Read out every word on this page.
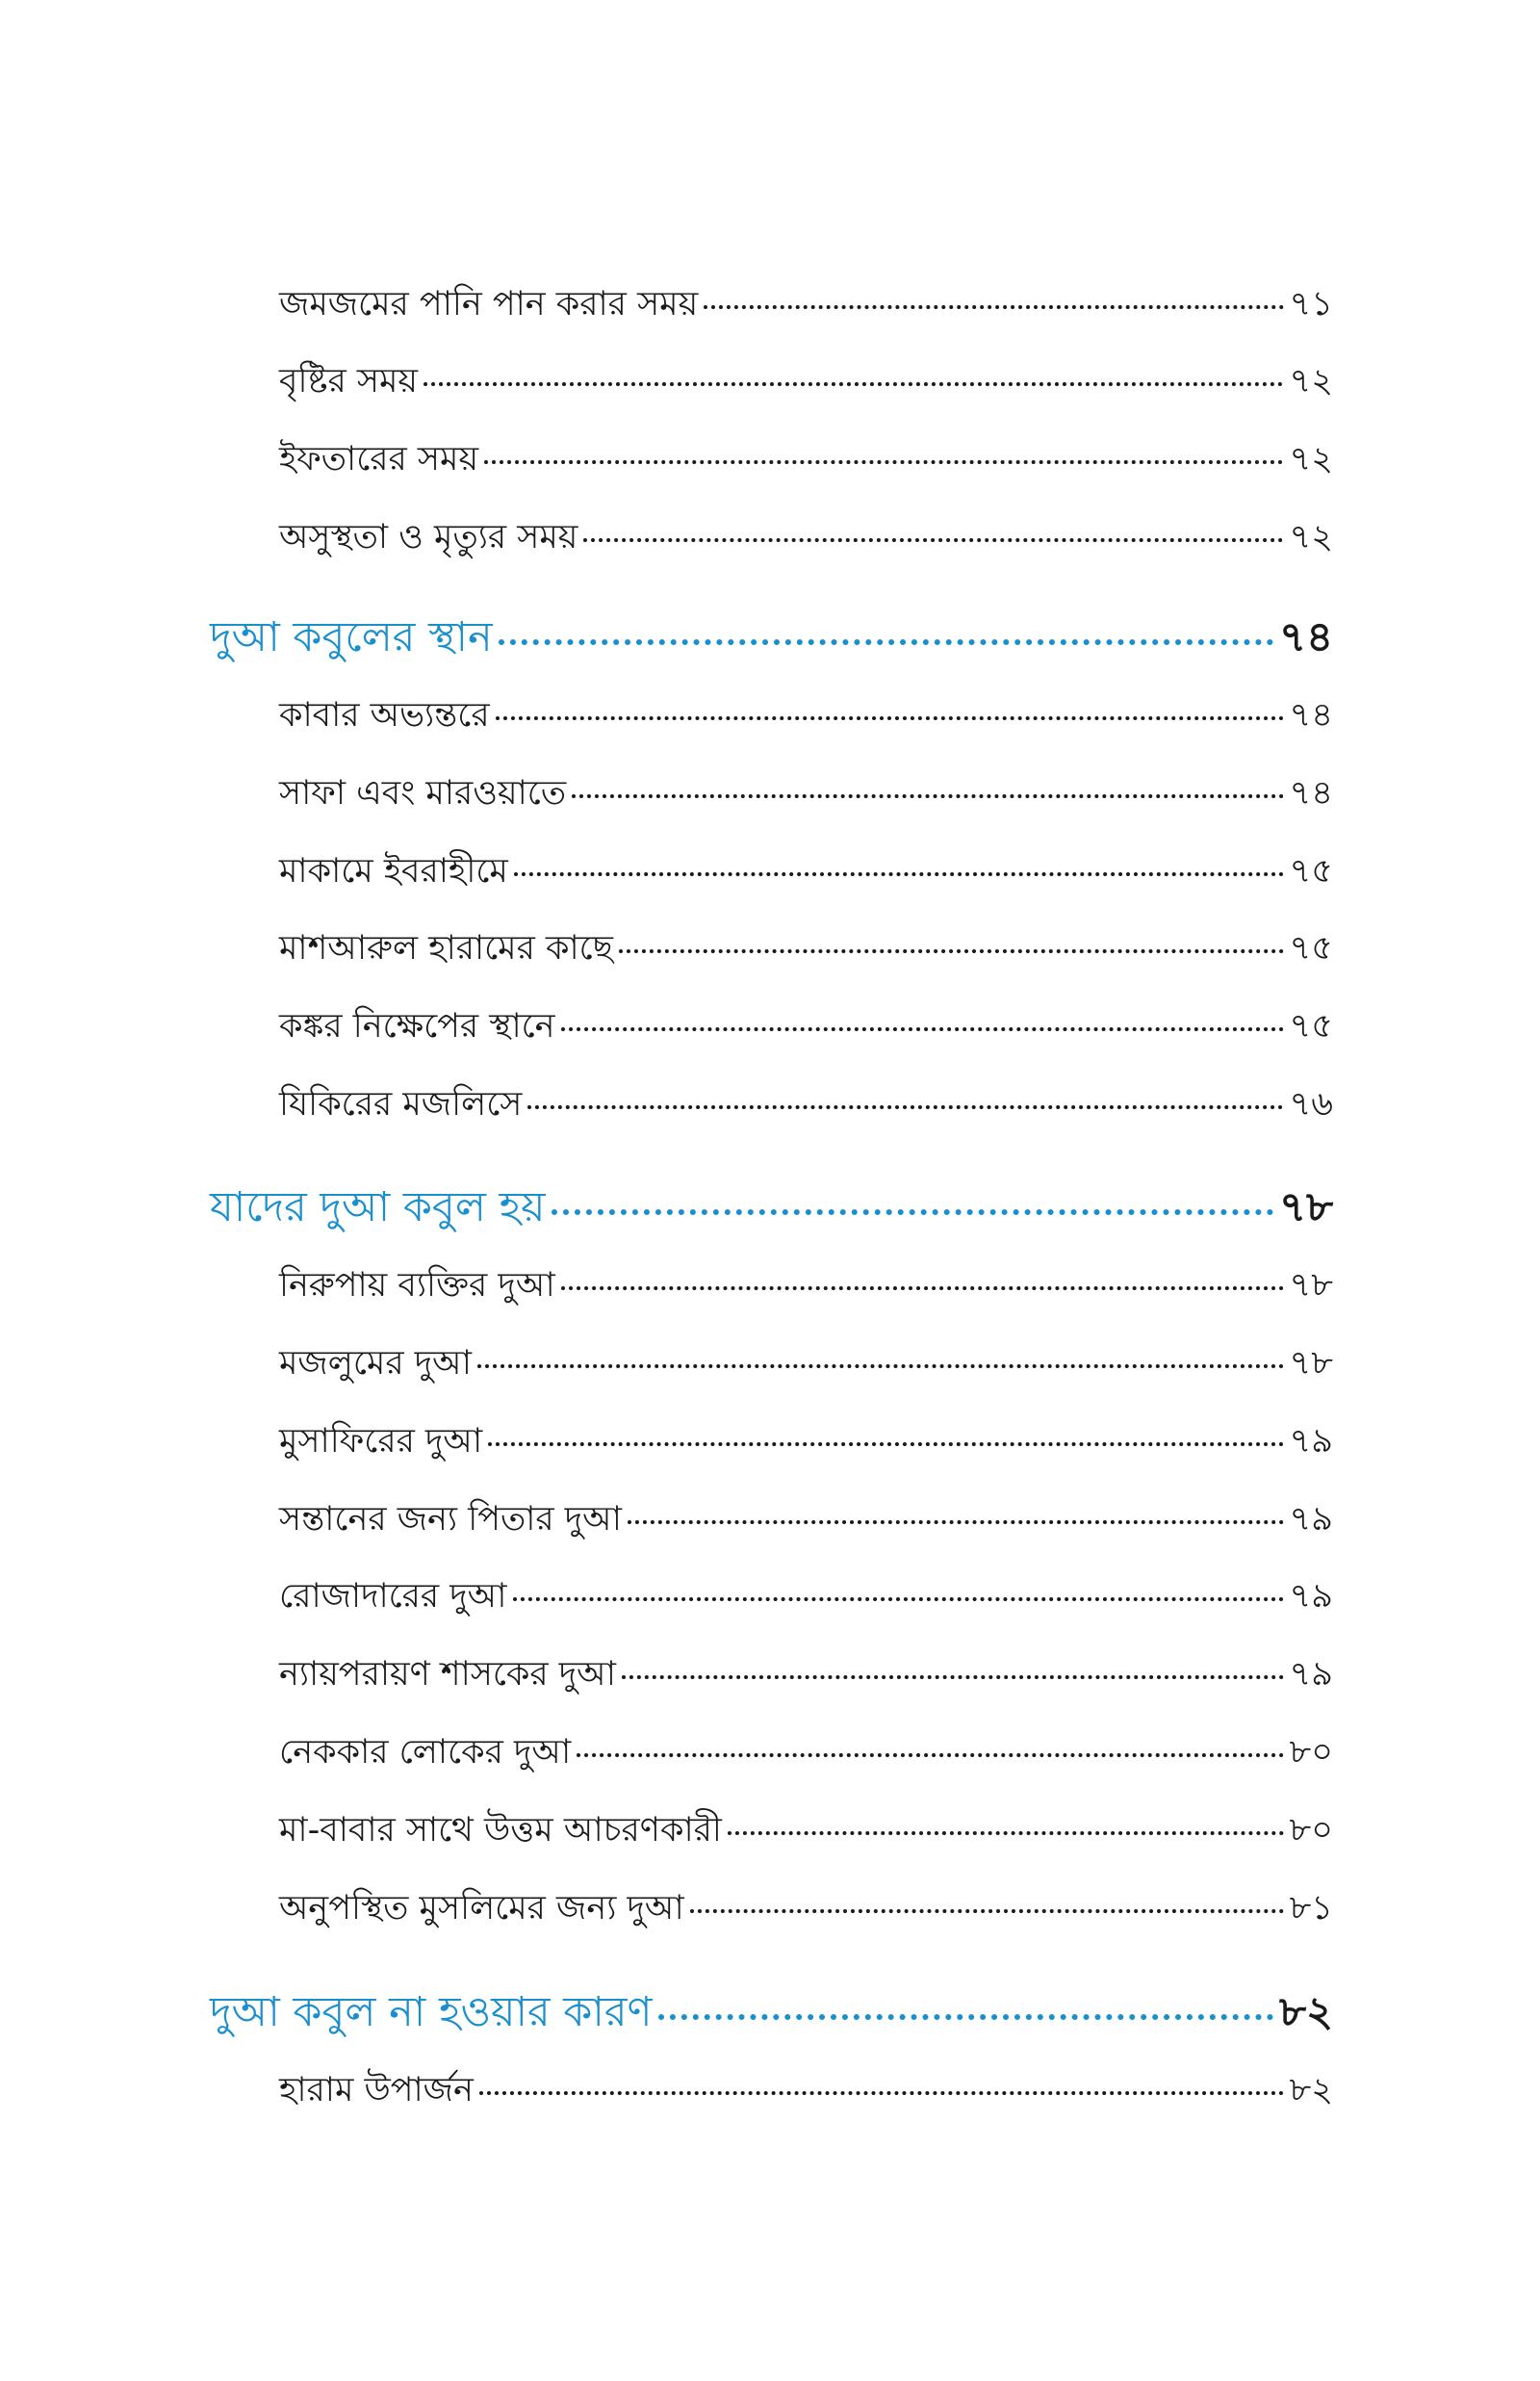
জমজমের পানি পান করার সময়	৭১
বৃষ্টির সময়	৭২
ইফতারের সময়	৭২
অসুস্থতা ও মৃত্যুর সময়	৭২
দুআ কবুলের স্থান	৭৪
কাবার অভ্যন্তরে	৭৪
সাফা এবং মারওয়াতে	৭৪
মাকামে ইবরাহীমে	৭৫
মাশআরুল হারামের কাছে	৭৫
কঙ্কর নিক্ষেপের স্থানে	৭৫
যিকিরের মজলিসে	৭৬
যাদের দুআ কবুল হয়	৭৮
নিরুপায় ব্যক্তির দুআ	৭৮
মজলুমের দুআ	৭৮
মুসাফিরের দুআ	৭৯
সন্তানের জন্য পিতার দুআ	৭৯
রোজাদারের দুআ	৭৯
ন্যায়পরায়ণ শাসকের দুআ	৭৯
নেককার লোকের দুআ	৮০
মা-বাবার সাথে উত্তম আচরণকারী	৮০
অনুপস্থিত মুসলিমের জন্য দুআ	৮১
দুআ কবুল না হওয়ার কারণ	৮২
হারাম উপার্জন	৮২
